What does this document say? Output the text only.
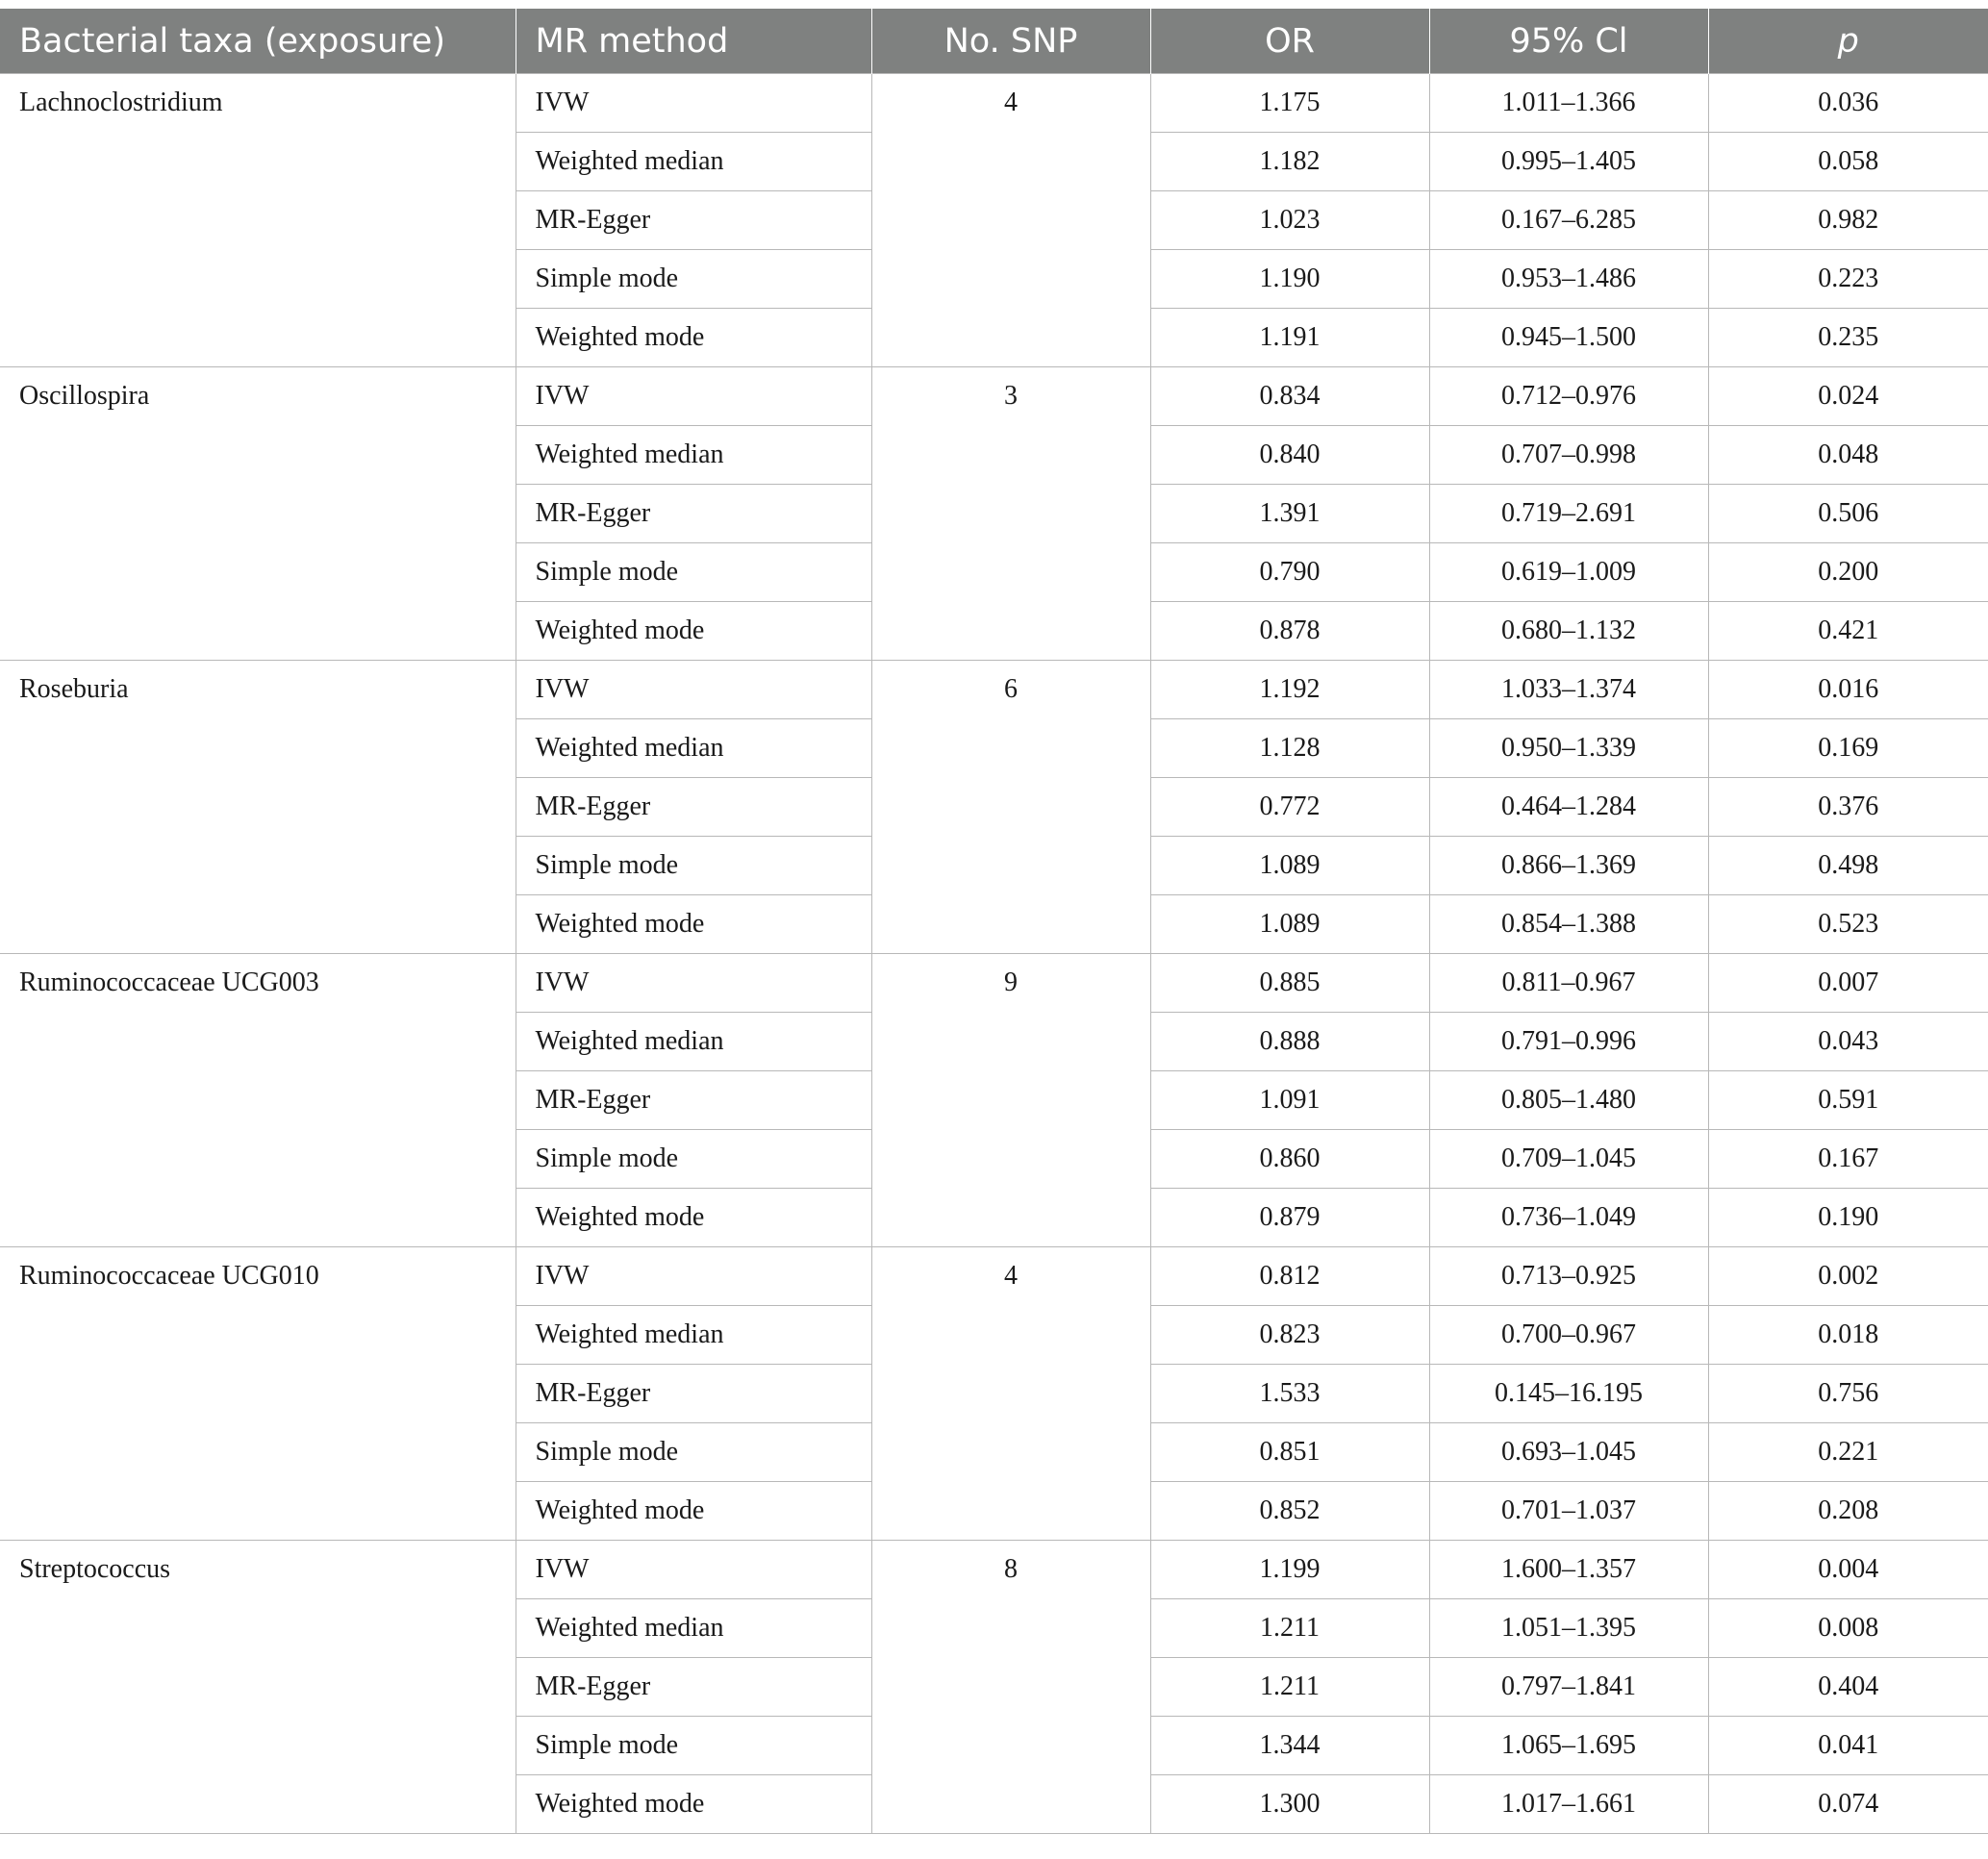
Bacterial taxa (exposure)	MR method	No. SNP	OR	95% Cl	p
Lachnoclostridium	IVW	4	1.175	1.011–1.366	0.036
	Weighted median		1.182	0.995–1.405	0.058
	MR-Egger		1.023	0.167–6.285	0.982
	Simple mode		1.190	0.953–1.486	0.223
	Weighted mode		1.191	0.945–1.500	0.235
Oscillospira	IVW	3	0.834	0.712–0.976	0.024
	Weighted median		0.840	0.707–0.998	0.048
	MR-Egger		1.391	0.719–2.691	0.506
	Simple mode		0.790	0.619–1.009	0.200
	Weighted mode		0.878	0.680–1.132	0.421
Roseburia	IVW	6	1.192	1.033–1.374	0.016
	Weighted median		1.128	0.950–1.339	0.169
	MR-Egger		0.772	0.464–1.284	0.376
	Simple mode		1.089	0.866–1.369	0.498
	Weighted mode		1.089	0.854–1.388	0.523
Ruminococcaceae UCG003	IVW	9	0.885	0.811–0.967	0.007
	Weighted median		0.888	0.791–0.996	0.043
	MR-Egger		1.091	0.805–1.480	0.591
	Simple mode		0.860	0.709–1.045	0.167
	Weighted mode		0.879	0.736–1.049	0.190
Ruminococcaceae UCG010	IVW	4	0.812	0.713–0.925	0.002
	Weighted median		0.823	0.700–0.967	0.018
	MR-Egger		1.533	0.145–16.195	0.756
	Simple mode		0.851	0.693–1.045	0.221
	Weighted mode		0.852	0.701–1.037	0.208
Streptococcus	IVW	8	1.199	1.600–1.357	0.004
	Weighted median		1.211	1.051–1.395	0.008
	MR-Egger		1.211	0.797–1.841	0.404
	Simple mode		1.344	1.065–1.695	0.041
	Weighted mode		1.300	1.017–1.661	0.074
